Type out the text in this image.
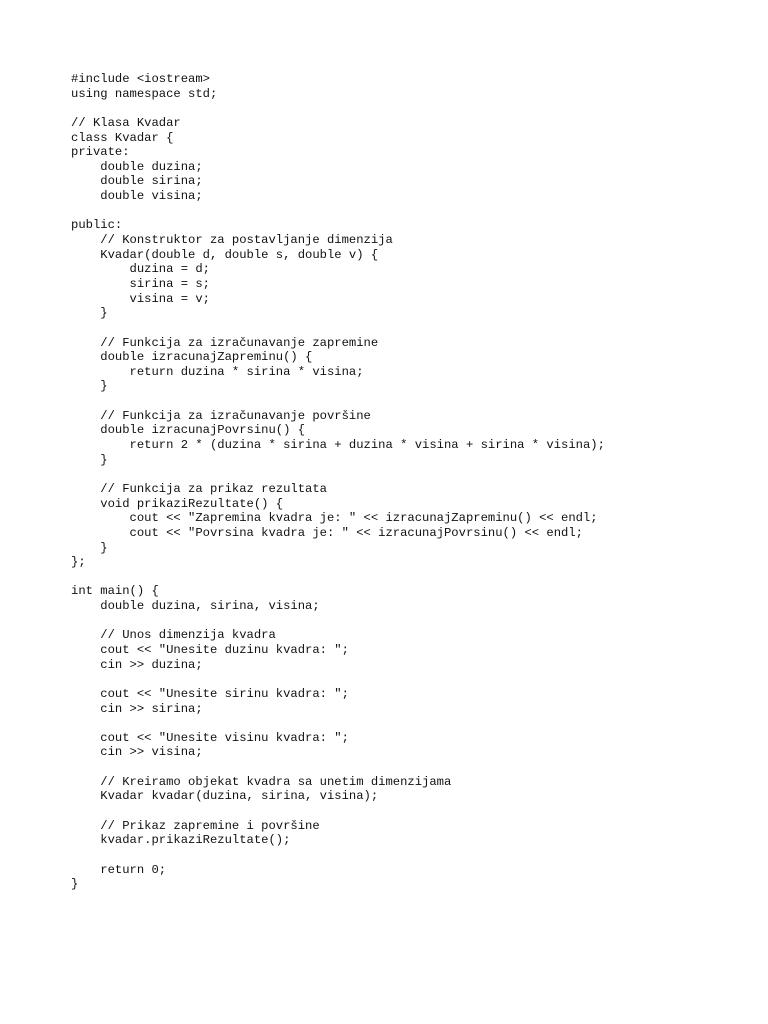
#include <iostream>
using namespace std;
// Klasa Kvadar
class Kvadar {
private:
double duzina;
double sirina;
double visina;
public:
// Konstruktor za postavljanje dimenzija
Kvadar(double d, double s, double v) {
duzina = d;
sirina = s;
visina = v;
}
// Funkcija za izračunavanje zapremine
double izracunajZapreminu() {
return duzina * sirina * visina;
}
// Funkcija za izračunavanje površine
double izracunajPovrsinu() {
return 2 * (duzina * sirina + duzina * visina + sirina * visina);
}
// Funkcija za prikaz rezultata
void prikaziRezultate() {
cout << "Zapremina kvadra je: " << izracunajZapreminu() << endl;
cout << "Povrsina kvadra je: " << izracunajPovrsinu() << endl;
}
};
int main() {
double duzina, sirina, visina;
// Unos dimenzija kvadra
cout << "Unesite duzinu kvadra: ";
cin >> duzina;
cout << "Unesite sirinu kvadra: ";
cin >> sirina;
cout << "Unesite visinu kvadra: ";
cin >> visina;
// Kreiramo objekat kvadra sa unetim dimenzijama
Kvadar kvadar(duzina, sirina, visina);
// Prikaz zapremine i površine
kvadar.prikaziRezultate();
return 0;
}
